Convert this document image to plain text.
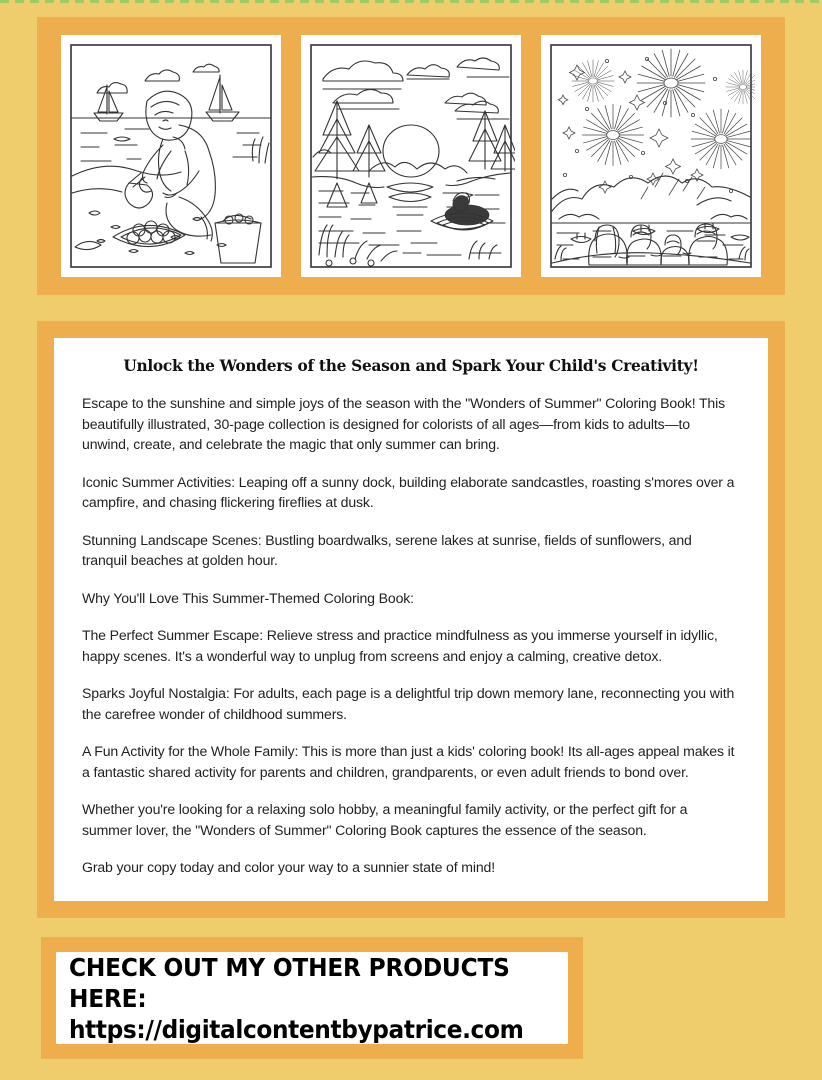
Unlock the Wonders of the Season and Spark Your Child's Creativity!

Escape to the sunshine and simple joys of the season with the "Wonders of Summer" Coloring Book! This beautifully illustrated, 30-page collection is designed for colorists of all ages—from kids to adults—to unwind, create, and celebrate the magic that only summer can bring.

Iconic Summer Activities: Leaping off a sunny dock, building elaborate sandcastles, roasting s'mores over a campfire, and chasing flickering fireflies at dusk.

Stunning Landscape Scenes: Bustling boardwalks, serene lakes at sunrise, fields of sunflowers, and tranquil beaches at golden hour.

Why You'll Love This Summer-Themed Coloring Book:

The Perfect Summer Escape: Relieve stress and practice mindfulness as you immerse yourself in idyllic, happy scenes. It's a wonderful way to unplug from screens and enjoy a calming, creative detox.

Sparks Joyful Nostalgia: For adults, each page is a delightful trip down memory lane, reconnecting you with the carefree wonder of childhood summers.

A Fun Activity for the Whole Family: This is more than just a kids' coloring book! Its all-ages appeal makes it a fantastic shared activity for parents and children, grandparents, or even adult friends to bond over.

Whether you're looking for a relaxing solo hobby, a meaningful family activity, or the perfect gift for a summer lover, the "Wonders of Summer" Coloring Book captures the essence of the season.

Grab your copy today and color your way to a sunnier state of mind!

CHECK OUT MY OTHER PRODUCTS HERE:
https://digitalcontentbypatrice.com
